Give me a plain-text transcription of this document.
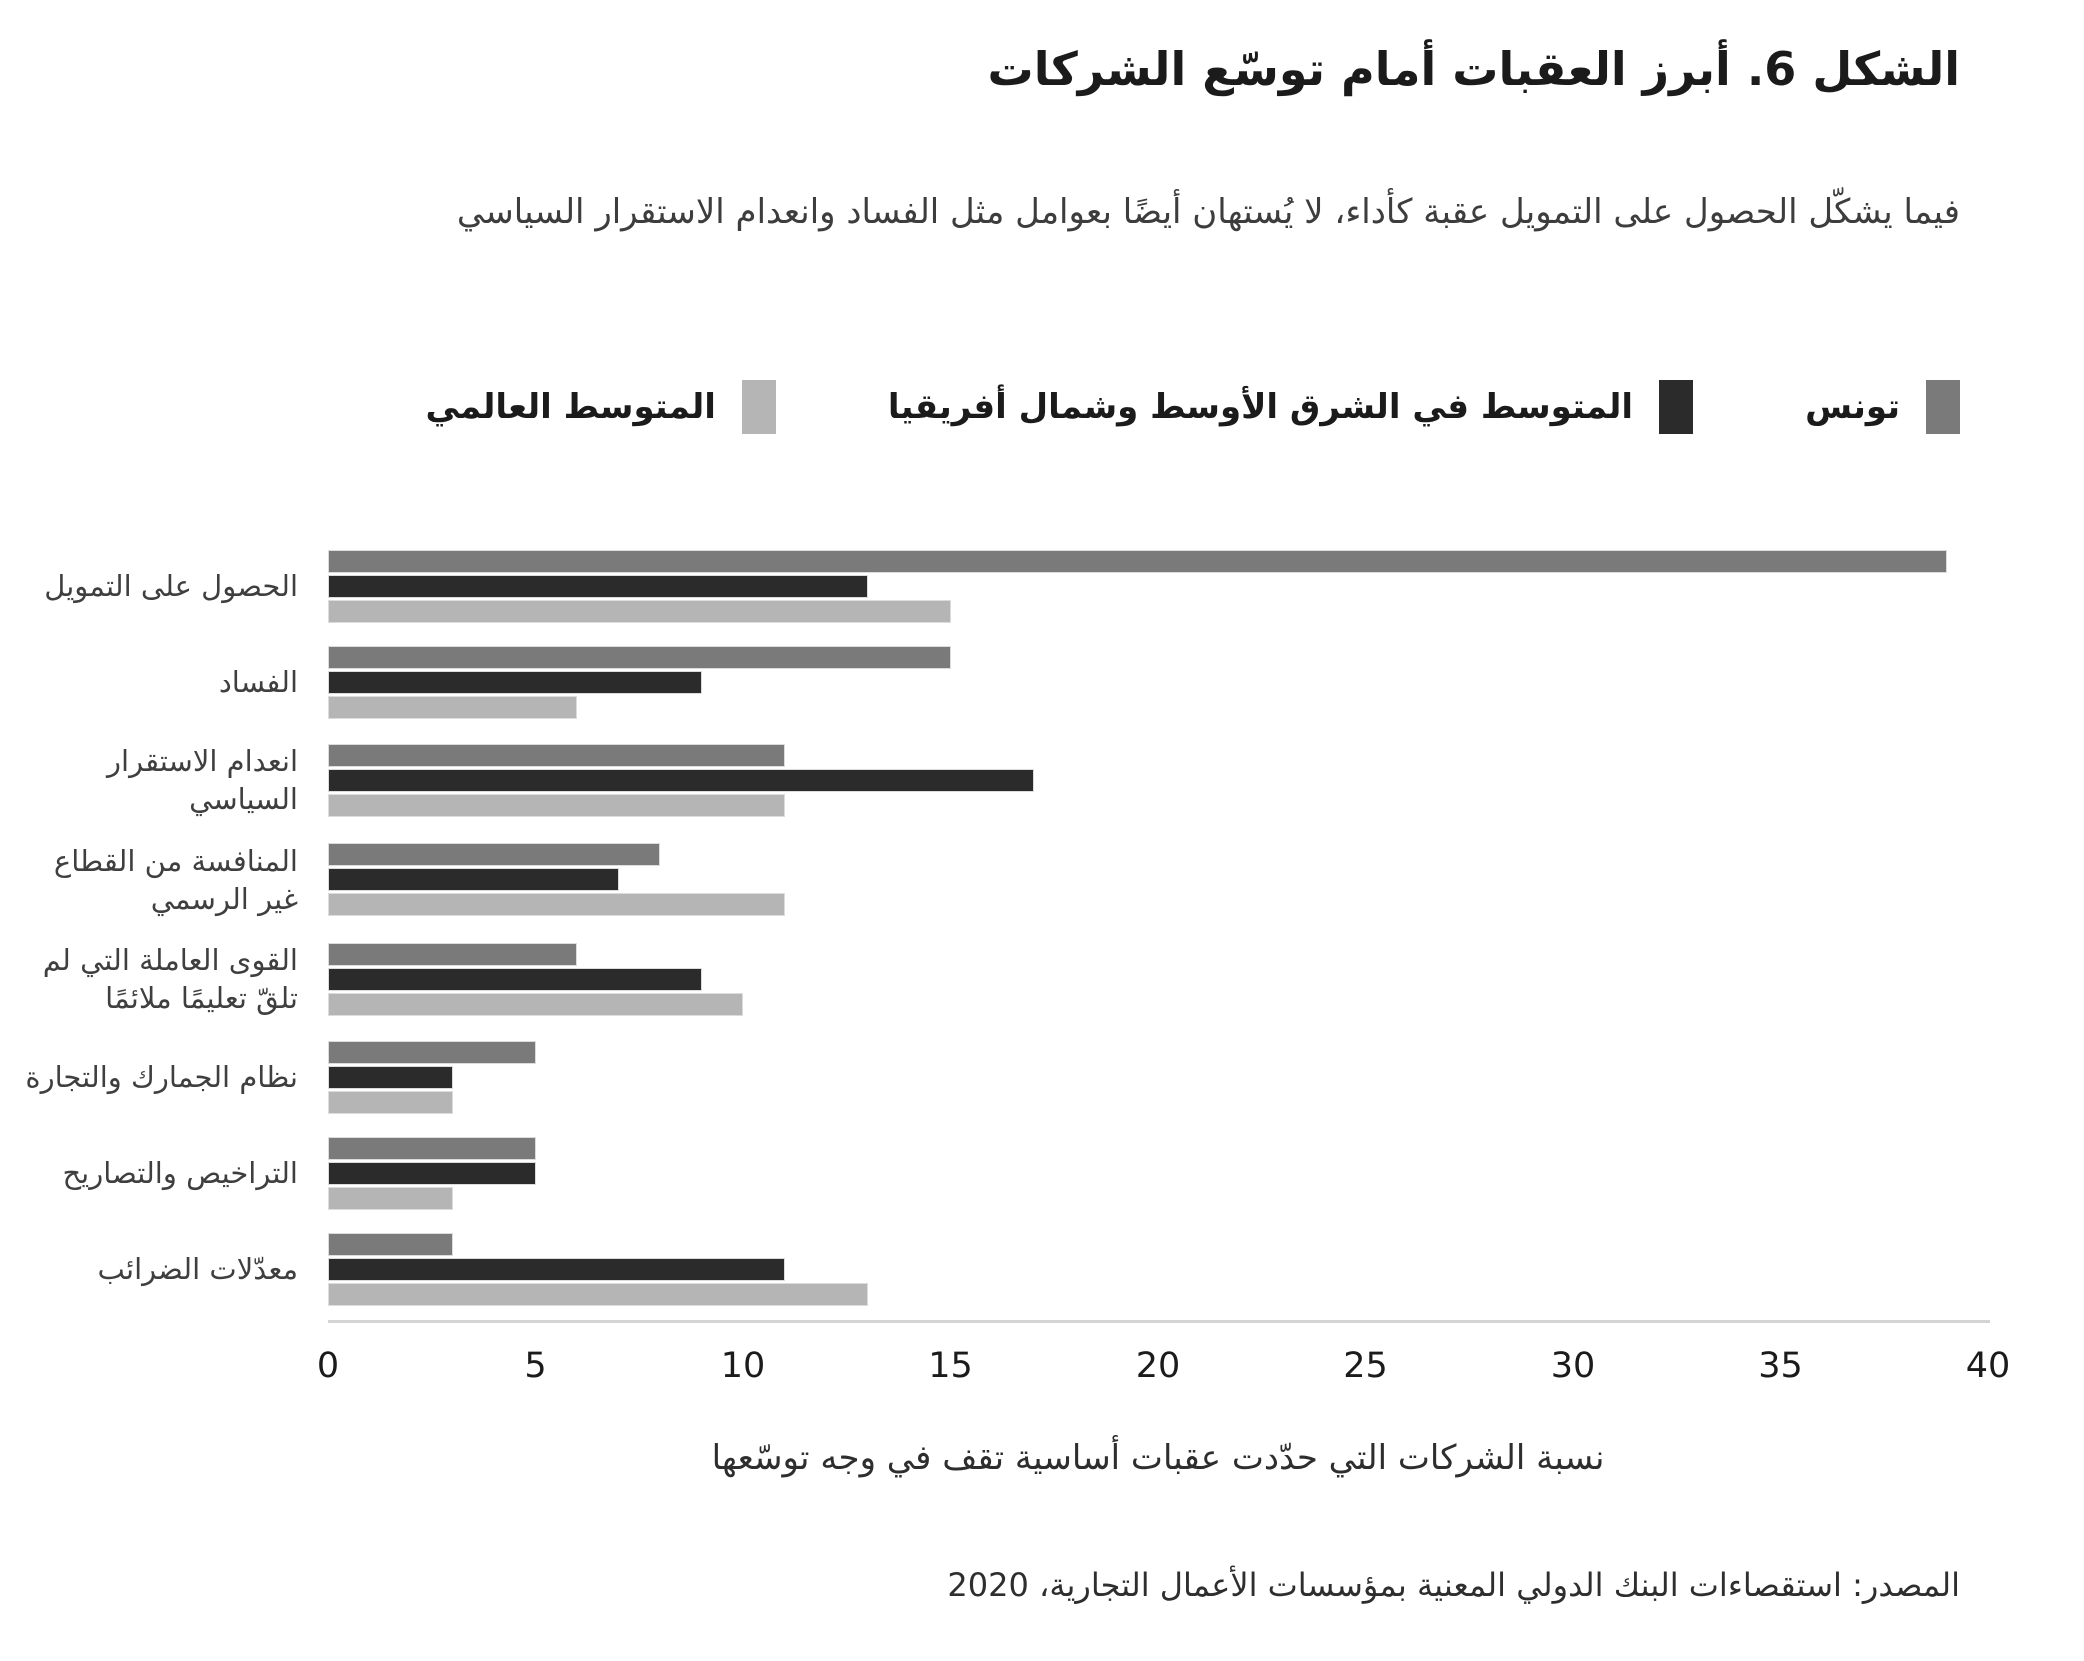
الشكل 6. أبرز العقبات أمام توسّع الشركات
فيما يشكّل الحصول على التمويل عقبة كأداء، لا يُستهان أيضًا بعوامل مثل الفساد وانعدام الاستقرار السياسي
تونس
المتوسط في الشرق الأوسط وشمال أفريقيا
المتوسط العالمي
الحصول على التمويل
الفساد
انعدام الاستقرار
السياسي
المنافسة من القطاع
غير الرسمي
القوى العاملة التي لم
تلقّ تعليمًا ملائمًا
نظام الجمارك والتجارة
التراخيص والتصاريح
معدّلات الضرائب
0	5	10	15	20	25	30	35	40
نسبة الشركات التي حدّدت عقبات أساسية تقف في وجه توسّعها
المصدر: استقصاءات البنك الدولي المعنية بمؤسسات الأعمال التجارية، 2020
